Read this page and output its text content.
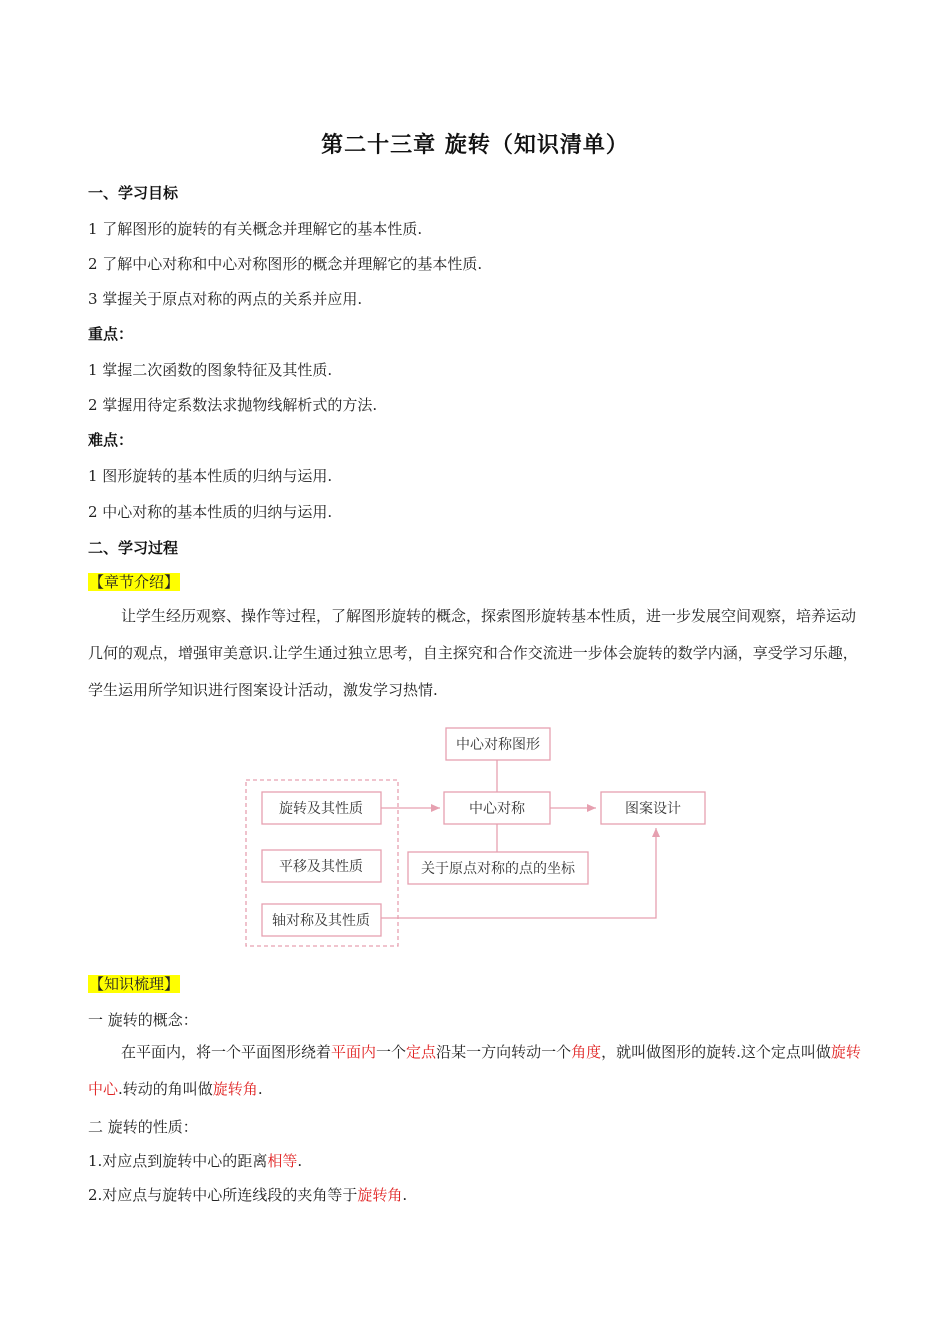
第二十三章 旋转（知识清单）
一、学习目标
1 了解图形的旋转的有关概念并理解它的基本性质.
2 了解中心对称和中心对称图形的概念并理解它的基本性质.
3 掌握关于原点对称的两点的关系并应用.
重点：
1 掌握二次函数的图象特征及其性质.
2 掌握用待定系数法求抛物线解析式的方法.
难点：
1 图形旋转的基本性质的归纳与运用.
2 中心对称的基本性质的归纳与运用.
二、学习过程
【章节介绍】
让学生经历观察、操作等过程，了解图形旋转的概念，探索图形旋转基本性质，进一步发展空间观察，培养运动几何的观点，增强审美意识.让学生通过独立思考，自主探究和合作交流进一步体会旋转的数学内涵，享受学习乐趣，学生运用所学知识进行图案设计活动，激发学习热情.
中心对称图形
中心对称	图案设计
关于原点对称的点的坐标
旋转及其性质
平移及其性质
轴对称及其性质
【知识梳理】
一 旋转的概念：
在平面内，将一个平面图形绕着平面内一个定点沿某一方向转动一个角度，就叫做图形的旋转.这个定点叫做旋转中心.转动的角叫做旋转角.
二 旋转的性质：
1.对应点到旋转中心的距离相等.
2.对应点与旋转中心所连线段的夹角等于旋转角.
